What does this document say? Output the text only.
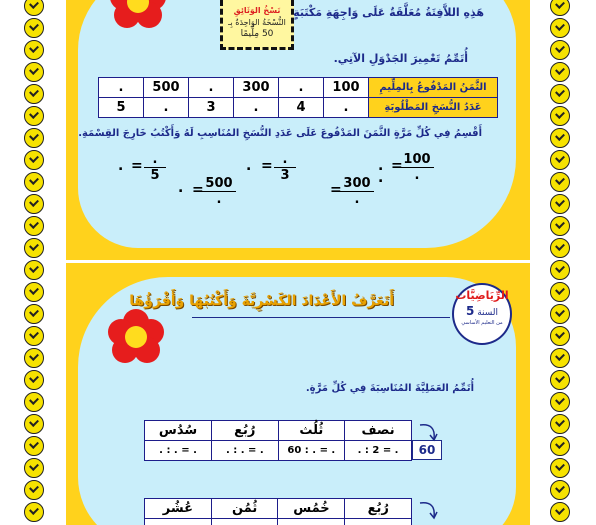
نَسْخُ الوَثَائِقِ
النُّسْخَةُ الوَاحِدَةُ بِـ
50 مِلِّيمًا
هَذِهِ اللاَّفِتَةُ مُعَلَّقَةٌ عَلَى وَاجِهَةِ مَكْتَبَةٍ
أُتَمِّمُ تَعْمِيرَ الجَدْوَلِ الآتِي.
.	500	.	300	.	100	الثَّمَنُ المَدْفُوعُ بِالمِلِّيمِ
5	.	3	.	4	.	عَدَدُ النُّسَخِ المَطْلُوبَةِ
أَقْسِمُ فِي كُلِّ مَرَّةٍ الثَّمَنَ المَدْفُوعَ عَلَى عَدَدِ النُّسَخِ المُنَاسِبِ لَهُ وَأَكْتُبُ خَارِجَ القِسْمَةِ.
100
.
=
.
.
3
=
.
.
5
=
.
300
.
=
.
500
.
=
.
أَتَعَرَّفُ الأَعْدَادَ الكَسْرِيَّةَ وَأَكْتُبُهَا وَأَقْرَؤُهَا	الرِّيَاضِيَّات
السنة 5
من التعليم الأساسي
أُتَمِّمُ العَمَلِيَّةَ المُنَاسِبَةَ فِي كُلِّ مَرَّةٍ.
سُدُس	رُبُع	ثُلُث	نصف
. : . = .	. : . = .	60 : . = .	. : 2 = .	60
عُشُر	ثُمُن	خُمُس	رُبُع
